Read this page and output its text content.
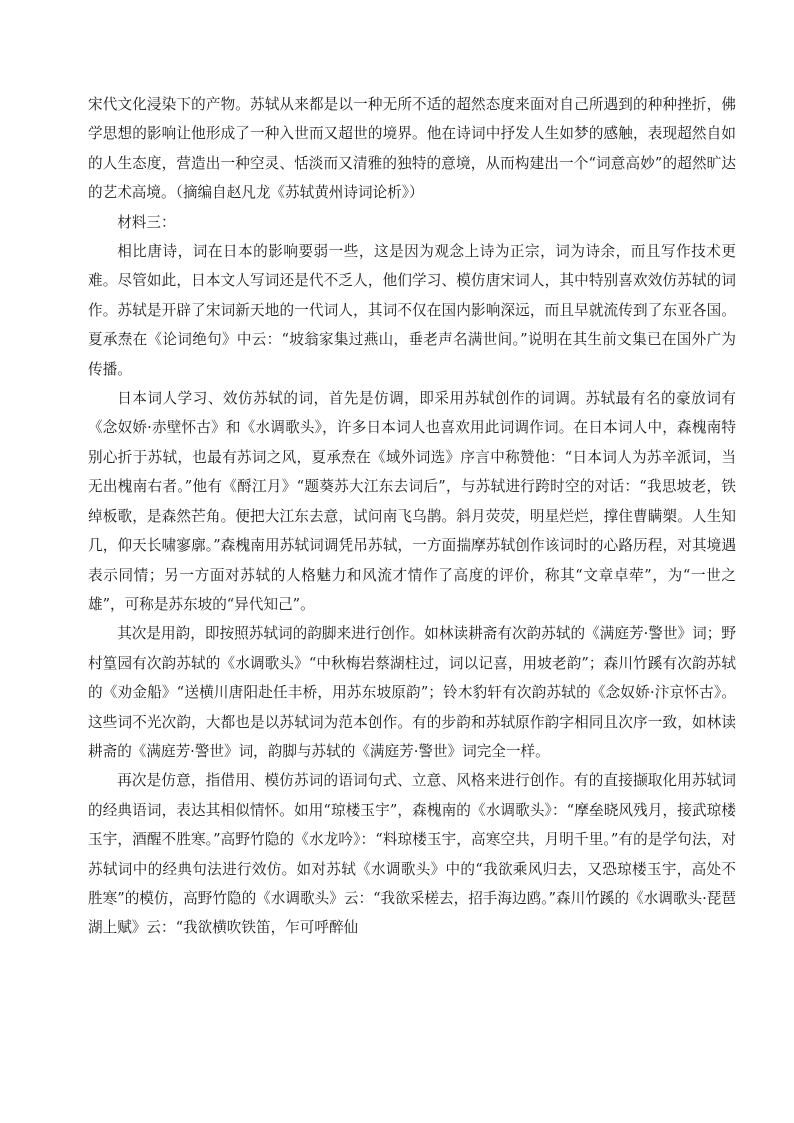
宋代文化浸染下的产物。苏轼从来都是以一种无所不适的超然态度来面对自己所遇到的种种挫折，佛学思想的影响让他形成了一种入世而又超世的境界。他在诗词中抒发人生如梦的感触，表现超然自如的人生态度，营造出一种空灵、恬淡而又清雅的独特的意境，从而构建出一个“词意高妙”的超然旷达的艺术高境。（摘编自赵凡龙《苏轼黄州诗词论析》）

材料三：

相比唐诗，词在日本的影响要弱一些，这是因为观念上诗为正宗，词为诗余，而且写作技术更难。尽管如此，日本文人写词还是代不乏人，他们学习、模仿唐宋词人，其中特别喜欢效仿苏轼的词作。苏轼是开辟了宋词新天地的一代词人，其词不仅在国内影响深远，而且早就流传到了东亚各国。夏承焘在《论词绝句》中云：“坡翁家集过燕山，垂老声名满世间。”说明在其生前文集已在国外广为传播。

日本词人学习、效仿苏轼的词，首先是仿调，即采用苏轼创作的词调。苏轼最有名的豪放词有《念奴娇·赤壁怀古》和《水调歌头》，许多日本词人也喜欢用此词调作词。在日本词人中，森槐南特别心折于苏轼，也最有苏词之风，夏承焘在《域外词选》序言中称赞他：“日本词人为苏辛派词，当无出槐南右者。”他有《酹江月》“题葵苏大江东去词后”，与苏轼进行跨时空的对话：“我思坡老，铁绰板歌，是森然芒角。便把大江东去意，试问南飞乌鹊。斜月荧荧，明星烂烂，撑住曹瞒槊。人生知几，仰天长啸寥廓。”森槐南用苏轼词调凭吊苏轼，一方面揣摩苏轼创作该词时的心路历程，对其境遇表示同情；另一方面对苏轼的人格魅力和风流才情作了高度的评价，称其“文章卓荦”，为“一世之雄”，可称是苏东坡的“异代知己”。

其次是用韵，即按照苏轼词的韵脚来进行创作。如林读耕斋有次韵苏轼的《满庭芳·警世》词；野村篁园有次韵苏轼的《水调歌头》“中秋梅岩蔡湖柱过，词以记喜，用坡老韵”；森川竹蹊有次韵苏轼的《劝金船》“送横川唐阳赴任丰桥，用苏东坡原韵”；铃木豹轩有次韵苏轼的《念奴娇·汴京怀古》。这些词不光次韵，大都也是以苏轼词为范本创作。有的步韵和苏轼原作韵字相同且次序一致，如林读耕斋的《满庭芳·警世》词，韵脚与苏轼的《满庭芳·警世》词完全一样。

再次是仿意，指借用、模仿苏词的语词句式、立意、风格来进行创作。有的直接撷取化用苏轼词的经典语词，表达其相似情怀。如用“琼楼玉宇”，森槐南的《水调歌头》：“摩垒晓风残月，接武琼楼玉宇，酒醒不胜寒。”高野竹隐的《水龙吟》：“料琼楼玉宇，高寒空共，月明千里。”有的是学句法，对苏轼词中的经典句法进行效仿。如对苏轼《水调歌头》中的“我欲乘风归去，又恐琼楼玉宇，高处不胜寒”的模仿，高野竹隐的《水调歌头》云：“我欲采槎去，招手海边鸥。”森川竹蹊的《水调歌头·琵琶湖上赋》云：“我欲横吹铁笛，乍可呼醉仙
